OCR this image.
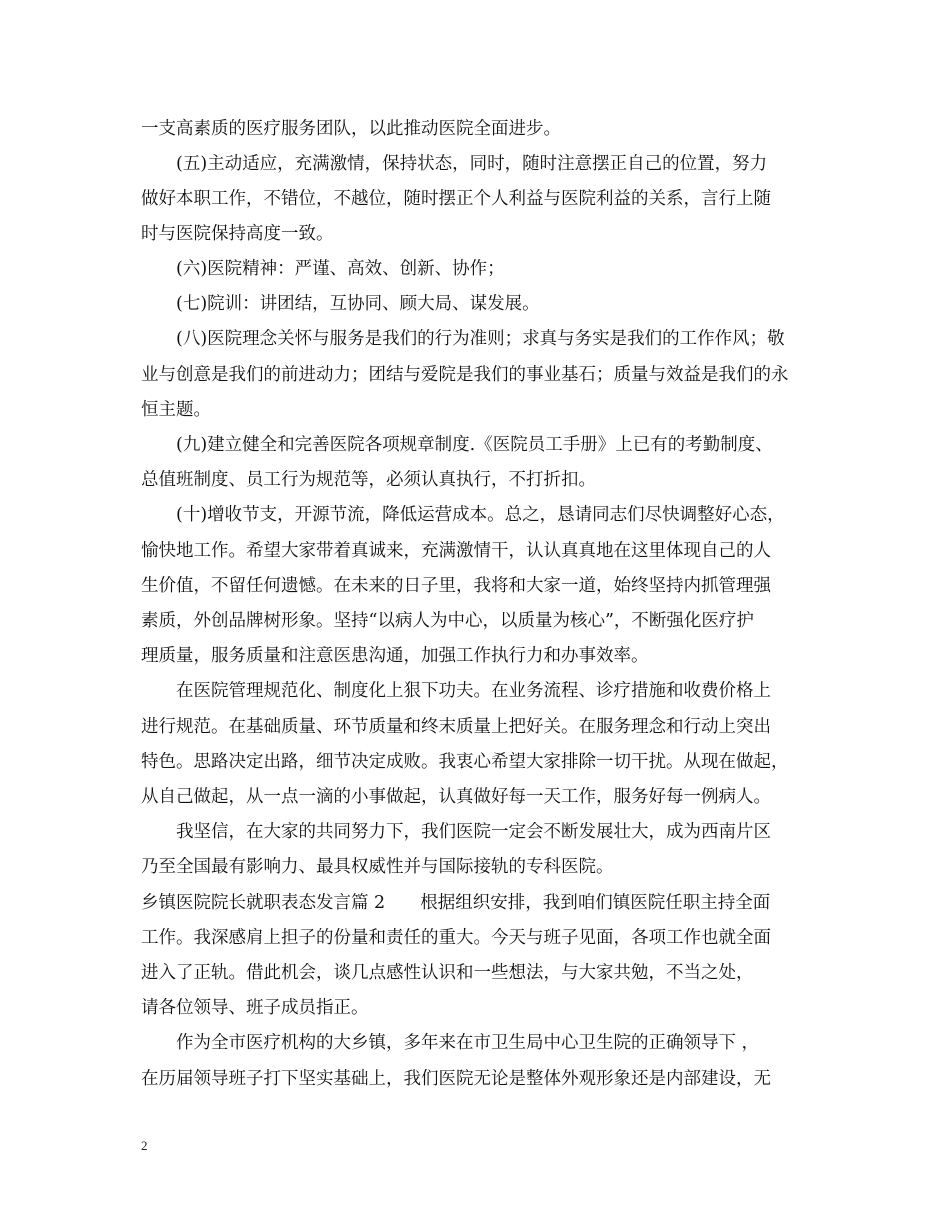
一支高素质的医疗服务团队，以此推动医院全面进步。
(五)主动适应，充满激情，保持状态，同时，随时注意摆正自己的位置，努力
做好本职工作，不错位，不越位，随时摆正个人利益与医院利益的关系，言行上随
时与医院保持高度一致。
(六)医院精神：严谨、高效、创新、协作；
(七)院训：讲团结，互协同、顾大局、谋发展。
(八)医院理念关怀与服务是我们的行为准则；求真与务实是我们的工作作风；敬
业与创意是我们的前进动力；团结与爱院是我们的事业基石；质量与效益是我们的永
恒主题。
(九)建立健全和完善医院各项规章制度.《医院员工手册》上已有的考勤制度、
总值班制度、员工行为规范等，必须认真执行，不打折扣。
(十)增收节支，开源节流，降低运营成本。总之，恳请同志们尽快调整好心态，
愉快地工作。希望大家带着真诚来，充满激情干，认认真真地在这里体现自己的人
生价值，不留任何遗憾。在未来的日子里，我将和大家一道，始终坚持内抓管理强
素质，外创品牌树形象。坚持“以病人为中心，以质量为核心”，不断强化医疗护
理质量，服务质量和注意医患沟通，加强工作执行力和办事效率。
在医院管理规范化、制度化上狠下功夫。在业务流程、诊疗措施和收费价格上
进行规范。在基础质量、环节质量和终末质量上把好关。在服务理念和行动上突出
特色。思路决定出路，细节决定成败。我衷心希望大家排除一切干扰。从现在做起，
从自己做起，从一点一滴的小事做起，认真做好每一天工作，服务好每一例病人。
我坚信，在大家的共同努力下，我们医院一定会不断发展壮大，成为西南片区
乃至全国最有影响力、最具权威性并与国际接轨的专科医院。
乡镇医院院长就职表态发言篇 2　　根据组织安排，我到咱们镇医院任职主持全面
工作。我深感肩上担子的份量和责任的重大。今天与班子见面，各项工作也就全面
进入了正轨。借此机会，谈几点感性认识和一些想法，与大家共勉，不当之处，
请各位领导、班子成员指正。
作为全市医疗机构的大乡镇，多年来在市卫生局中心卫生院的正确领导下 ，
在历届领导班子打下坚实基础上，我们医院无论是整体外观形象还是内部建设，无
2
